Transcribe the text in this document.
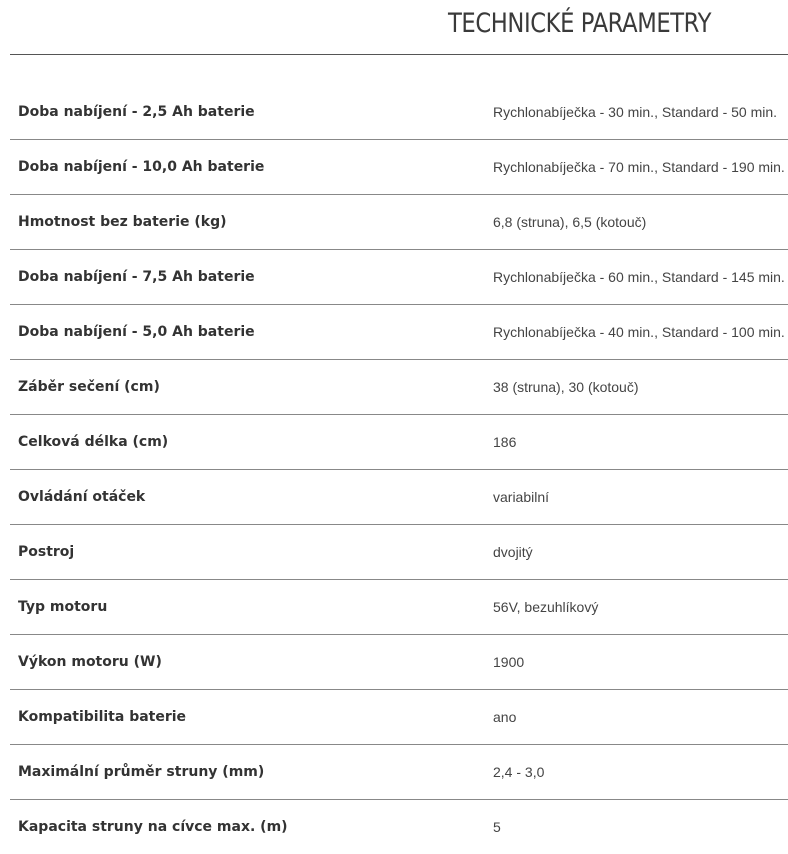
TECHNICKÉ PARAMETRY
Doba nabíjení - 2,5 Ah baterie	Rychlonabíječka - 30 min., Standard - 50 min.
Doba nabíjení - 10,0 Ah baterie	Rychlonabíječka - 70 min., Standard - 190 min.
Hmotnost bez baterie (kg)	6,8 (struna), 6,5 (kotouč)
Doba nabíjení - 7,5 Ah baterie	Rychlonabíječka - 60 min., Standard - 145 min.
Doba nabíjení - 5,0 Ah baterie	Rychlonabíječka - 40 min., Standard - 100 min.
Záběr sečení (cm)	38 (struna), 30 (kotouč)
Celková délka (cm)	186
Ovládání otáček	variabilní
Postroj	dvojitý
Typ motoru	56V, bezuhlíkový
Výkon motoru (W)	1900
Kompatibilita baterie	ano
Maximální průměr struny (mm)	2,4 - 3,0
Kapacita struny na cívce max. (m)	5
